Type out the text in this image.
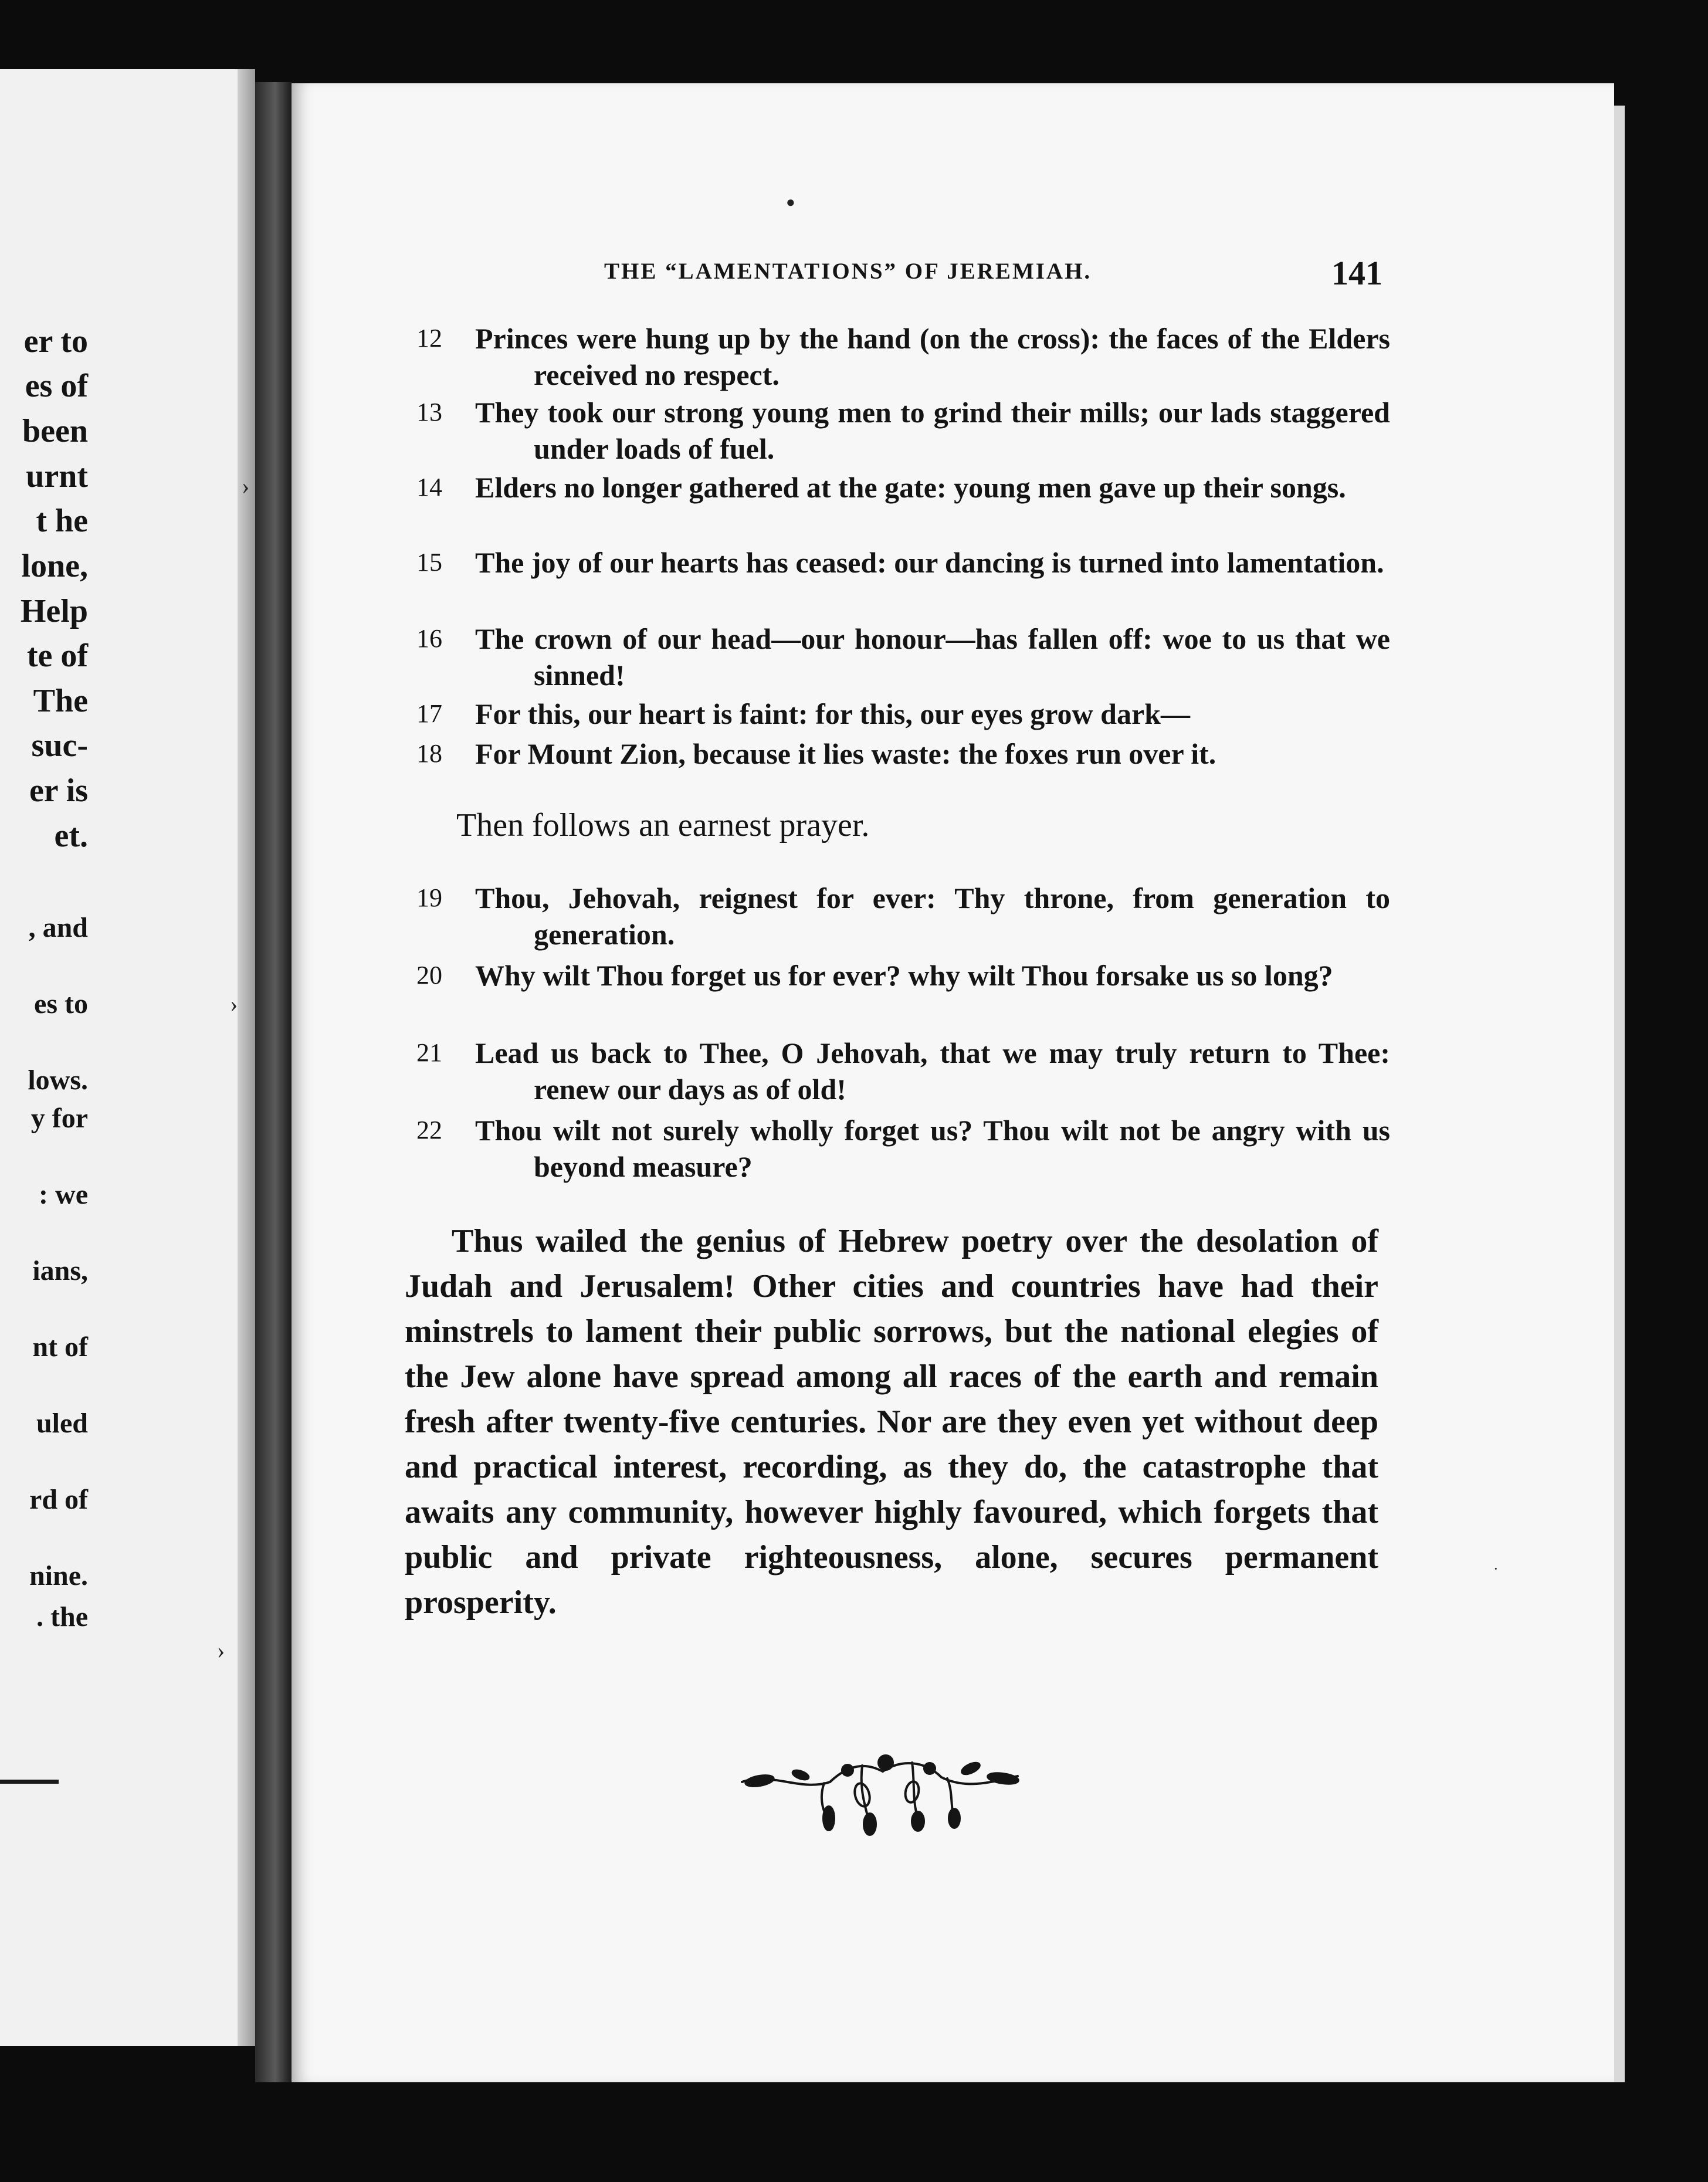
er to
es of
been
urnt
t he
lone,
Help
te of
The
suc-
er is
et.
, and
es to
lows.
y for
: we
ians,
nt of
uled
rd of
nine.
. the
THE “LAMENTATIONS” OF JEREMIAH.	141
12	Princes were hung up by the hand (on the cross): the faces of the Elders received no respect.
13	They took our strong young men to grind their mills; our lads staggered under loads of fuel.
14	Elders no longer gathered at the gate: young men gave up their songs.
15	The joy of our hearts has ceased: our dancing is turned into lamentation.
16	The crown of our head—our honour—has fallen off: woe to us that we sinned!
17	For this, our heart is faint: for this, our eyes grow dark—
18	For Mount Zion, because it lies waste: the foxes run over it.
Then follows an earnest prayer.
19	Thou, Jehovah, reignest for ever: Thy throne, from generation to generation.
20	Why wilt Thou forget us for ever? why wilt Thou forsake us so long?
21	Lead us back to Thee, O Jehovah, that we may truly return to Thee: renew our days as of old!
22	Thou wilt not surely wholly forget us? Thou wilt not be angry with us beyond measure?
Thus wailed the genius of Hebrew poetry over the desolation of Judah and Jerusalem! Other cities and countries have had their minstrels to lament their public sorrows, but the national elegies of the Jew alone have spread among all races of the earth and remain fresh after twenty-five centuries. Nor are they even yet without deep and practical interest, recording, as they do, the catastrophe that awaits any community, however highly favoured, which forgets that public and private righteousness, alone, secures permanent prosperity.
●
›
›
›
·
